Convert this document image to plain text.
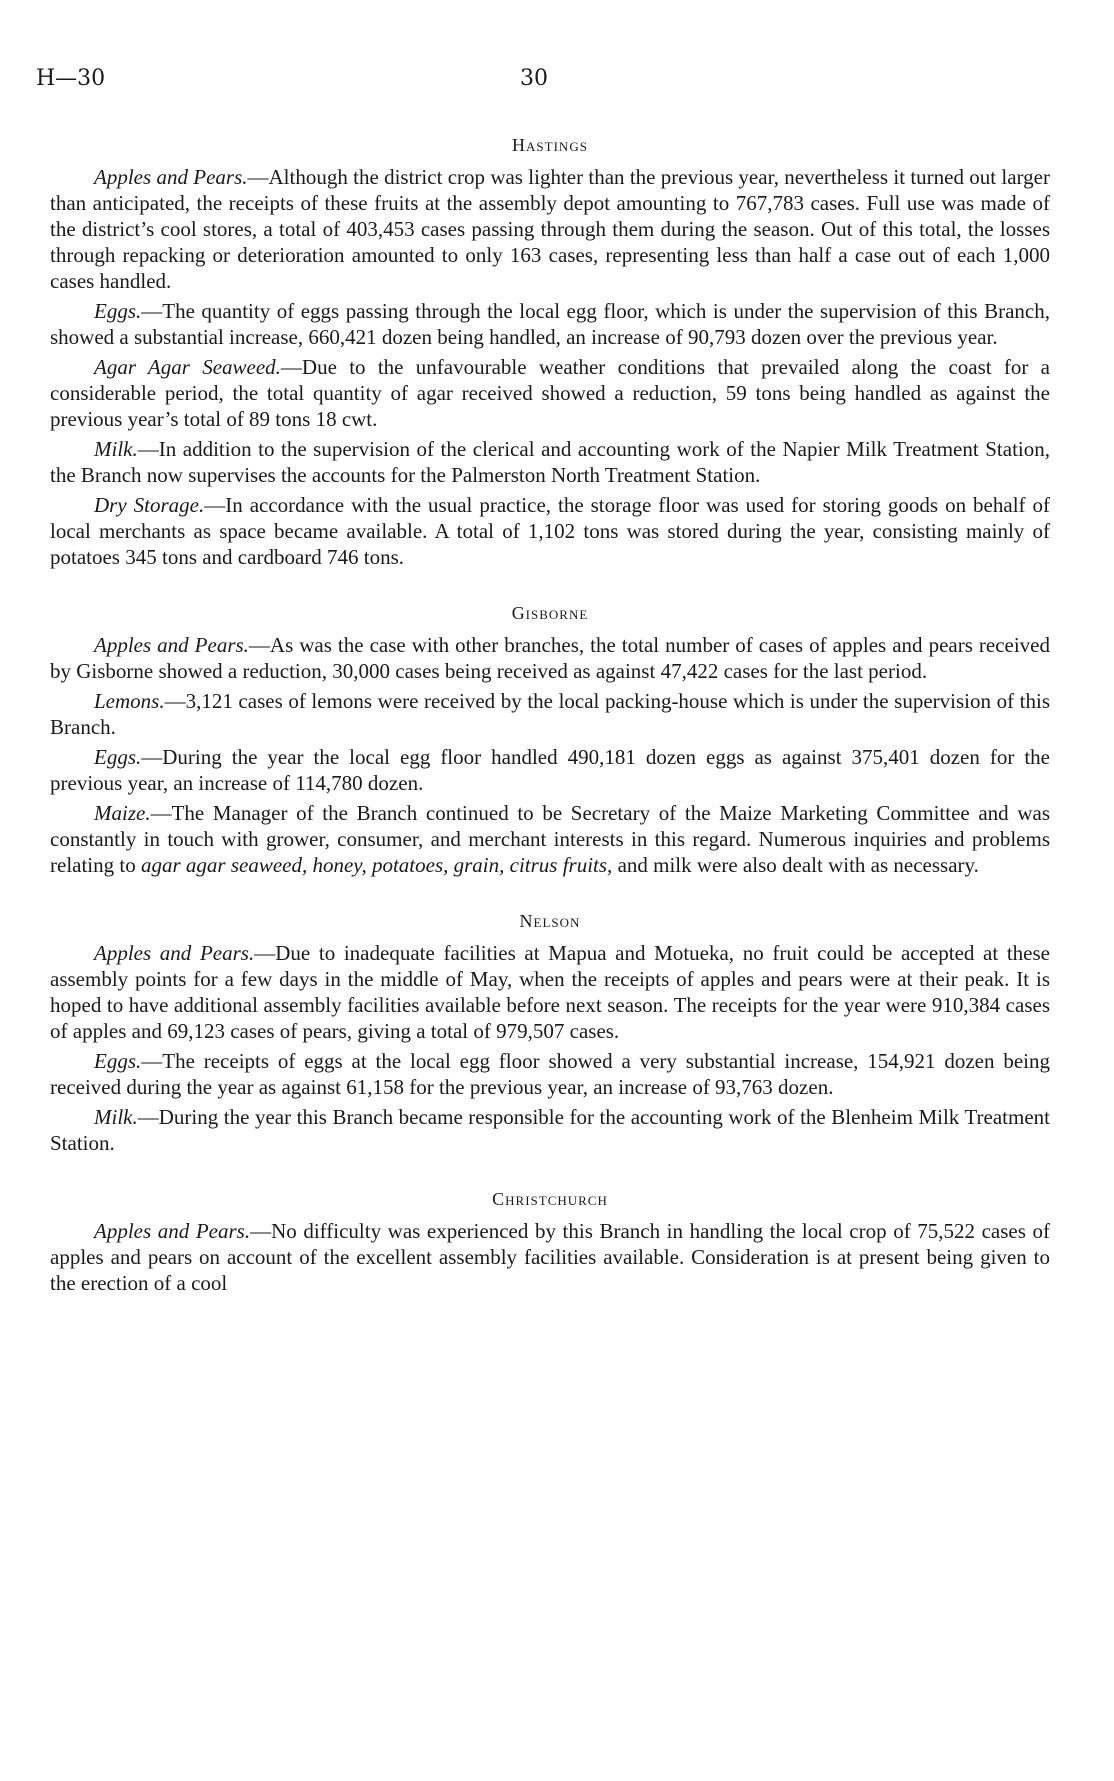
H—30	30
Hastings

Apples and Pears.—Although the district crop was lighter than the previous year, nevertheless it turned out larger than anticipated, the receipts of these fruits at the assembly depot amounting to 767,783 cases. Full use was made of the district’s cool stores, a total of 403,453 cases passing through them during the season. Out of this total, the losses through repacking or deterioration amounted to only 163 cases, representing less than half a case out of each 1,000 cases handled.

Eggs.—The quantity of eggs passing through the local egg floor, which is under the supervision of this Branch, showed a substantial increase, 660,421 dozen being handled, an increase of 90,793 dozen over the previous year.

Agar Agar Seaweed.—Due to the unfavourable weather conditions that prevailed along the coast for a considerable period, the total quantity of agar received showed a reduction, 59 tons being handled as against the previous year’s total of 89 tons 18 cwt.

Milk.—In addition to the supervision of the clerical and accounting work of the Napier Milk Treatment Station, the Branch now supervises the accounts for the Palmerston North Treatment Station.

Dry Storage.—In accordance with the usual practice, the storage floor was used for storing goods on behalf of local merchants as space became available. A total of 1,102 tons was stored during the year, consisting mainly of potatoes 345 tons and cardboard 746 tons.

Gisborne

Apples and Pears.—As was the case with other branches, the total number of cases of apples and pears received by Gisborne showed a reduction, 30,000 cases being received as against 47,422 cases for the last period.

Lemons.—3,121 cases of lemons were received by the local packing-house which is under the supervision of this Branch.

Eggs.—During the year the local egg floor handled 490,181 dozen eggs as against 375,401 dozen for the previous year, an increase of 114,780 dozen.

Maize.—The Manager of the Branch continued to be Secretary of the Maize Marketing Committee and was constantly in touch with grower, consumer, and merchant interests in this regard. Numerous inquiries and problems relating to agar agar seaweed, honey, potatoes, grain, citrus fruits, and milk were also dealt with as necessary.

Nelson

Apples and Pears.—Due to inadequate facilities at Mapua and Motueka, no fruit could be accepted at these assembly points for a few days in the middle of May, when the receipts of apples and pears were at their peak. It is hoped to have additional assembly facilities available before next season. The receipts for the year were 910,384 cases of apples and 69,123 cases of pears, giving a total of 979,507 cases.

Eggs.—The receipts of eggs at the local egg floor showed a very substantial increase, 154,921 dozen being received during the year as against 61,158 for the previous year, an increase of 93,763 dozen.

Milk.—During the year this Branch became responsible for the accounting work of the Blenheim Milk Treatment Station.

Christchurch

Apples and Pears.—No difficulty was experienced by this Branch in handling the local crop of 75,522 cases of apples and pears on account of the excellent assembly facilities available. Consideration is at present being given to the erection of a cool
